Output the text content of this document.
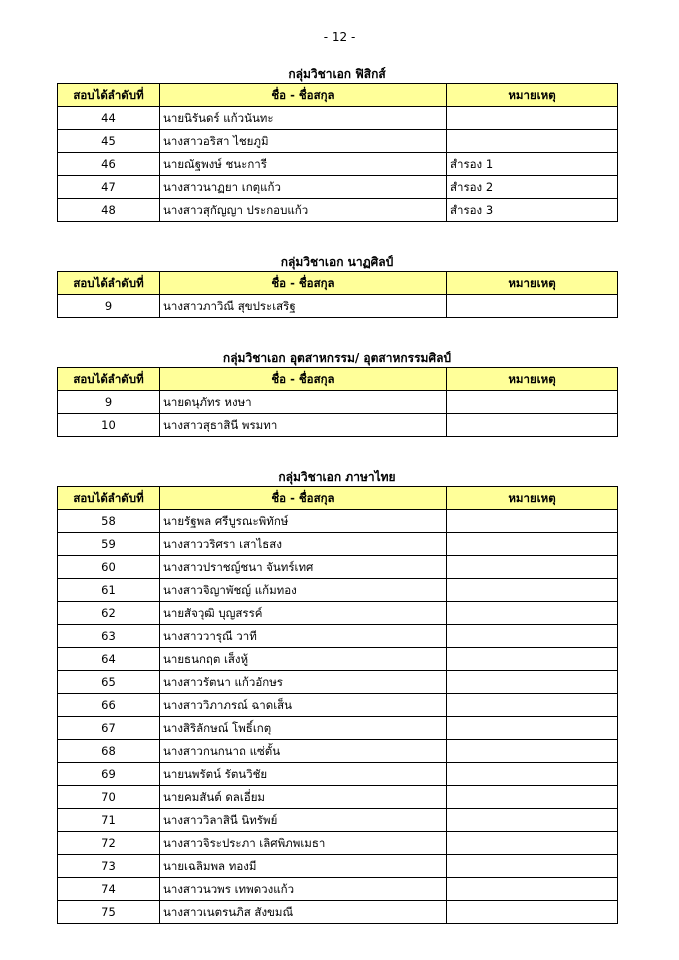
- 12 -
กลุ่มวิชาเอก ฟิสิกส์
สอบได้ลำดับที่	ชื่อ - ชื่อสกุล	หมายเหตุ
44	นายนิรันดร์ แก้วนันทะ	
45	นางสาวอริสา ไชยภูมิ	
46	นายณัฐพงษ์ ชนะการี	สำรอง 1
47	นางสาวนาฏยา เกตุแก้ว	สำรอง 2
48	นางสาวสุกัญญา ประกอบแก้ว	สำรอง 3
กลุ่มวิชาเอก นาฏศิลป์
สอบได้ลำดับที่	ชื่อ - ชื่อสกุล	หมายเหตุ
9	นางสาวภาวิณี สุขประเสริฐ	
กลุ่มวิชาเอก อุตสาหกรรม/ อุตสาหกรรมศิลป์
สอบได้ลำดับที่	ชื่อ - ชื่อสกุล	หมายเหตุ
9	นายดนุภัทร หงษา	
10	นางสาวสุธาสินี พรมทา	
กลุ่มวิชาเอก ภาษาไทย
สอบได้ลำดับที่	ชื่อ - ชื่อสกุล	หมายเหตุ
58	นายรัฐพล ศรีบูรณะพิทักษ์	
59	นางสาววริศรา เสาไธสง	
60	นางสาวปราชญ์ชนา จันทร์เทศ	
61	นางสาวจิญาพัชญ์ แก้มทอง	
62	นายสัจวุฒิ บุญสรรค์	
63	นางสาววารุณี วาที	
64	นายธนกฤต เส็งหู้	
65	นางสาวรัตนา แก้วอักษร	
66	นางสาววิภาภรณ์ ฉาดเส็น	
67	นางสิริลักษณ์ โพธิ์เกตุ	
68	นางสาวกนกนาถ แซ่ตั้น	
69	นายนพรัตน์ รัตนวิชัย	
70	นายคมสันต์ ดลเอี่ยม	
71	นางสาววิลาสินี นิทรัพย์	
72	นางสาวจิระประภา เลิศพิภพเมธา	
73	นายเฉลิมพล ทองมี	
74	นางสาวนวพร เทพดวงแก้ว	
75	นางสาวเนตรนภิส สังขมณี	
